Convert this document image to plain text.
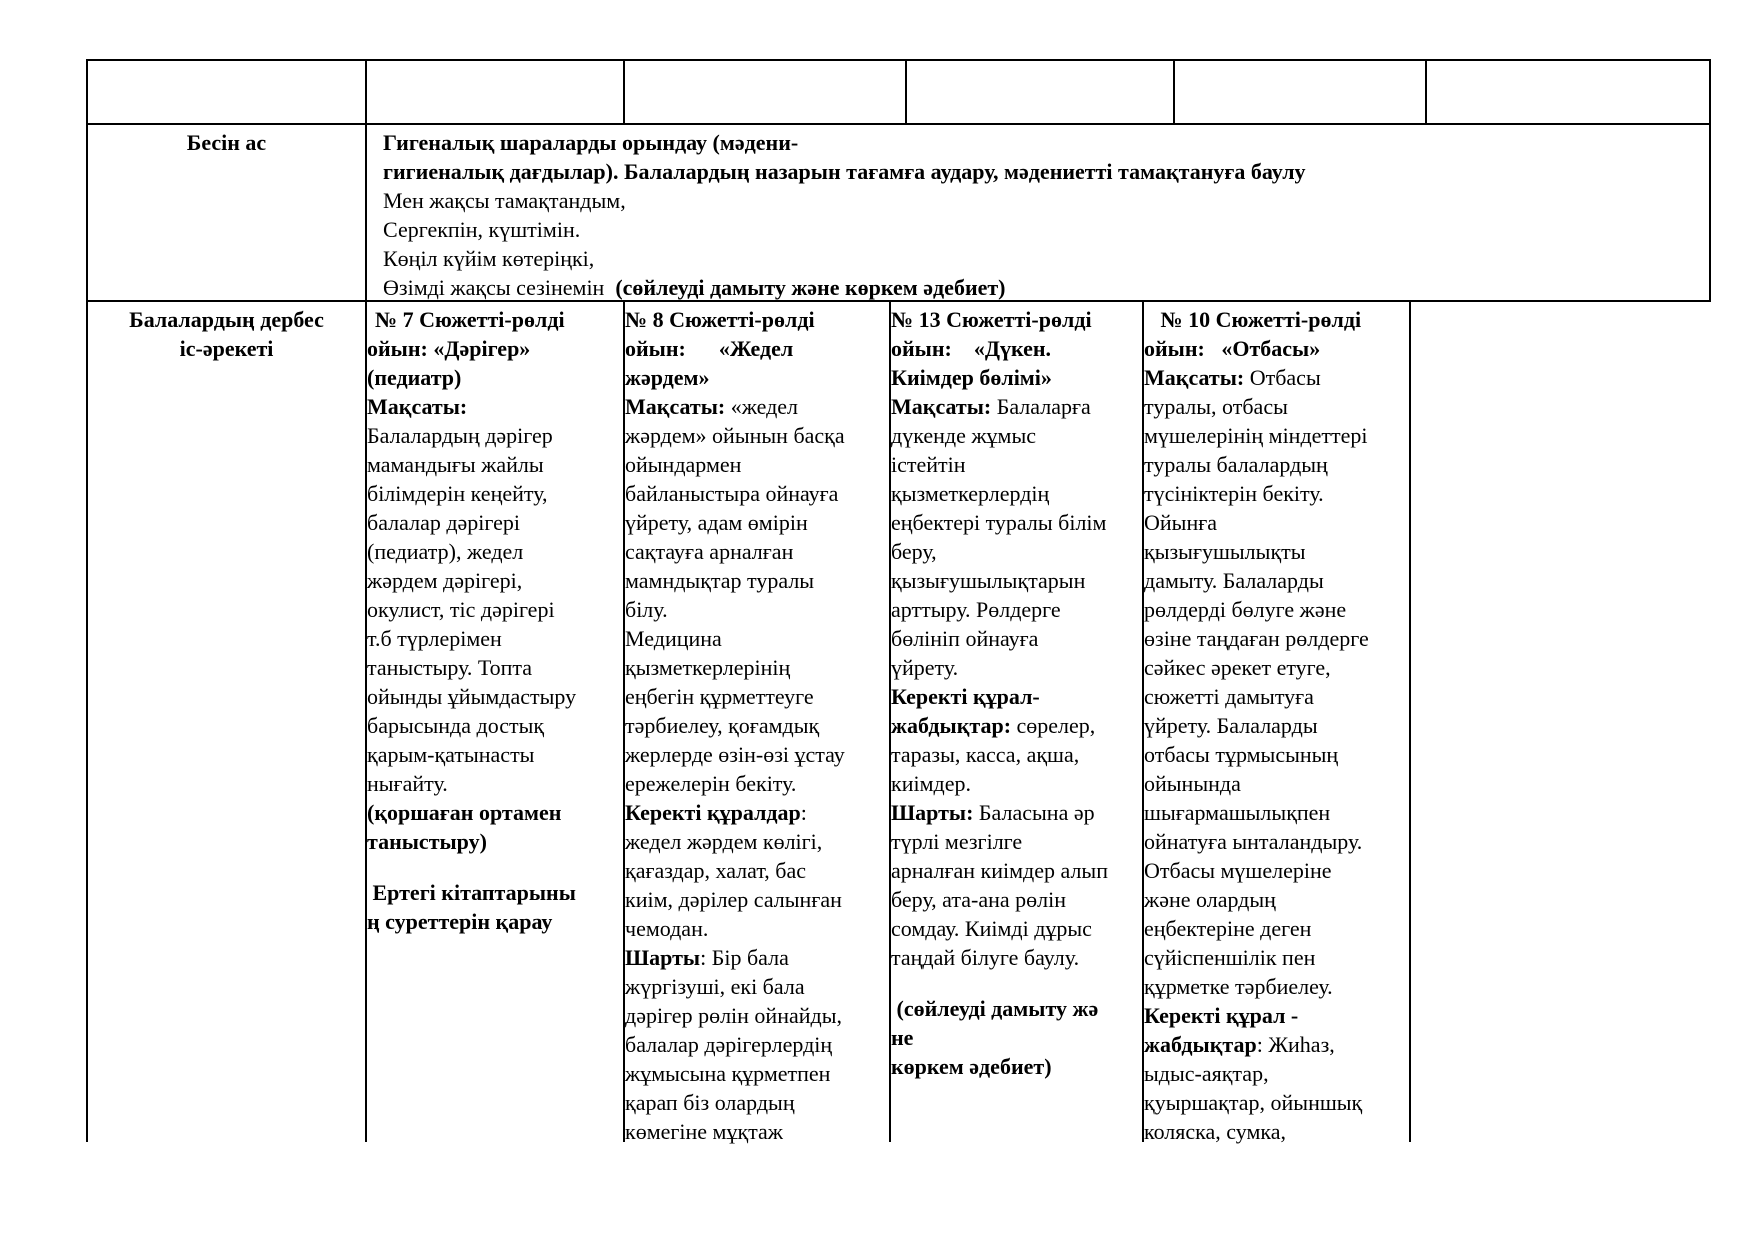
Бесін ас	Гигеналық шараларды орындау (мәдени-
гигиеналық дағдылар). Балалардың назарын тағамға аудару, мәдениетті тамақтануға баулу
Мен жақсы тамақтандым,
Сергекпін, күштімін.
Көңіл күйім көтеріңкі,
Өзімді жақсы сезінемін (сөйлеуді дамыту және көркем әдебиет)
Балалардың дербес
іс-әрекеті
№ 7 Сюжетті-рөлді
ойын: «Дәрігер»
(педиатр)
Мақсаты:
Балалардың дәрігер
мамандығы жайлы
білімдерін кеңейту,
балалар дәрігері
(педиатр), жедел
жәрдем дәрігері,
окулист, тіс дәрігері
т.б түрлерімен
таныстыру. Топта
ойынды ұйымдастыру
барысында достық
қарым-қатынасты
нығайту.
(қоршаған ортамен
таныстыру)
Ертегі кітаптарыны
ң суреттерін қарау
№ 8 Сюжетті-рөлді
ойын:      «Жедел
жәрдем»
Мақсаты: «жедел
жәрдем» ойынын басқа
ойындармен
байланыстыра ойнауға
үйрету, адам өмірін
сақтауға арналған
мамндықтар туралы
білу.
Медицина
қызметкерлерінің
еңбегін құрметтеуге
тәрбиелеу, қоғамдық
жерлерде өзін-өзі ұстау
ережелерін бекіту.
Керекті құралдар:
жедел жәрдем көлігі,
қағаздар, халат, бас
киім, дәрілер салынған
чемодан.
Шарты: Бір бала
жүргізуші, екі бала
дәрігер рөлін ойнайды,
балалар дәрігерлердің
жұмысына құрметпен
қарап біз олардың
көмегіне мұқтаж
№ 13 Сюжетті-рөлді
ойын:    «Дүкен.
Киімдер бөлімі»
Мақсаты: Балаларға
дүкенде жұмыс
істейтін
қызметкерлердің
еңбектері туралы білім
беру,
қызығушылықтарын
арттыру. Рөлдерге
бөлініп ойнауға
үйрету.
Керекті құрал-
жабдықтар: сөрелер,
таразы, касса, ақша,
киімдер.
Шарты: Баласына әр
түрлі мезгілге
арналған киімдер алып
беру, ата-ана рөлін
сомдау. Киімді дұрыс
таңдай білуге баулу.
(сөйлеуді дамыту жә
не
көркем әдебиет)
№ 10 Сюжетті-рөлді
ойын:   «Отбасы»
Мақсаты: Отбасы
туралы, отбасы
мүшелерінің міндеттері
туралы балалардың
түсініктерін бекіту.
Ойынға
қызығушылықты
дамыту. Балаларды
рөлдерді бөлуге және
өзіне таңдаған рөлдерге
сәйкес әрекет етуге,
сюжетті дамытуға
үйрету. Балаларды
отбасы тұрмысының
ойынында
шығармашылықпен
ойнатуға ынталандыру.
Отбасы мүшелеріне
және олардың
еңбектеріне деген
сүйіспеншілік пен
құрметке тәрбиелеу.
Керекті құрал -
жабдықтар: Жиhаз,
ыдыс-аяқтар,
қуыршақтар, ойыншық
коляска, сумка,
